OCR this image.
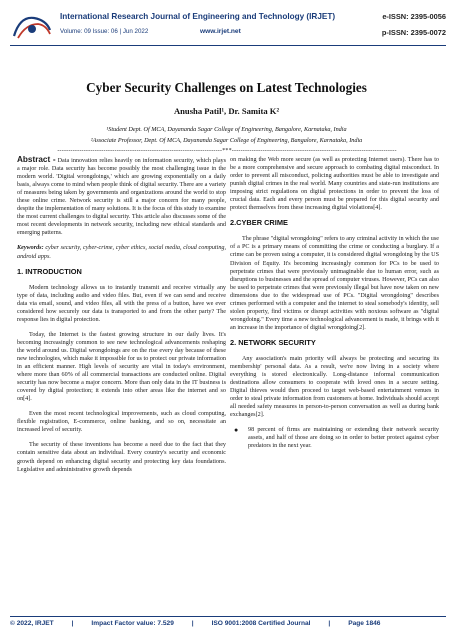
International Research Journal of Engineering and Technology (IRJET)	e-ISSN: 2395-0056
Volume: 09 Issue: 06 | Jun 2022	www.irjet.net	p-ISSN: 2395-0072
Cyber Security Challenges on Latest Technologies
Anusha Patil¹, Dr. Samita K²
¹Student Dept. Of MCA, Dayananda Sagar College of Engineering, Bangalore, Karnataka, India
²Associate Professor, Dept. Of MCA, Dayananda Sagar College of Engineering, Bangalore, Karnataka, India
---------------------------------------------------------------------------***---------------------------------------------------------------------------

Abstract - Data innovation relies heavily on information security, which plays a major role. Data security has become possibly the most challenging issue in the modern world. 'Digital wrongdoings,' which are growing exponentially on a daily basis, always come to mind when people think of digital security. There are a variety of measures being taken by governments and organizations around the world to stop these online crime. Network security is still a major concern for many people, despite the implementation of many solutions. It is the focus of this study to examine the most current challenges to digital security. This article also discusses some of the most recent developments in network security, including new ethical standards and emerging patterns.

Keywords: cyber security, cyber-crime, cyber ethics, social media, cloud computing, android apps.

1. INTRODUCTION

Modern technology allows us to instantly transmit and receive virtually any type of data, including audio and video files. But, even if we can send and receive data via email, sound, and video files, all with the press of a button, have we ever considered how securely our data is transported to and from the other party? The response lies in digital protection.

Today, the Internet is the fastest growing structure in our daily lives. It's becoming increasingly common to see new technological advancements reshaping the world around us. Digital wrongdoings are on the rise every day because of these new technologies, which make it impossible for us to protect our private information in an efficient manner. High levels of security are vital in today's environment, where more than 60% of all commercial transactions are conducted online. Digital security has now become a major concern. More than only data in the IT business is covered by digital protection; it extends into other areas like the internet and so on[4].

Even the most recent technological improvements, such as cloud computing, flexible registration, E-commerce, online banking, and so on, necessitate an increased level of security.

The security of these inventions has become a need due to the fact that they contain sensitive data about an individual. Every country's security and economic growth depend on enhancing digital security and protecting key data foundations. Legislative and administrative growth depends

on making the Web more secure (as well as protecting Internet users). There has to be a more comprehensive and secure approach to combating digital misconduct. In order to prevent all misconduct, policing authorities must be able to investigate and punish digital crimes in the real world. Many countries and state-run institutions are imposing strict regulations on digital protections in order to prevent the loss of crucial data. Each and every person must be prepared for this digital security and protect themselves from these increasing digital violations[4].

2.CYBER CRIME

The phrase "digital wrongdoing" refers to any criminal activity in which the use of a PC is a primary means of committing the crime or conducting a burglary. If a crime can be proven using a computer, it is considered digital wrongdoing by the US Division of Equity. It's becoming increasingly common for PCs to be used to perpetrate crimes that were previously unimaginable due to human error, such as disruptions to businesses and the spread of computer viruses. However, PCs can also be used to perpetrate crimes that were previously illegal but have now taken on new dimensions due to the widespread use of PCs. "Digital wrongdoing" describes crimes performed with a computer and the internet to steal somebody's identity, sell stolen property, find victims or disrupt activities with noxious software as "digital wrongdoing." Every time a new technological advancement is made, it brings with it an increase in the importance of digital wrongdoing[2].

2. NETWORK SECURITY

Any association's main priority will always be protecting and securing its membership' personal data. As a result, we're now living in a society where everything is stored electronically. Long-distance informal communication destinations allow consumers to cooperate with loved ones in a secure setting. Digital thieves would then proceed to target web-based entertainment venues in order to steal private information from customers at home. Individuals should accept all needed safety measures in person-to-person conversation as well as during bank exchanges[2].

● 98 percent of firms are maintaining or extending their network security assets, and half of those are doing so in order to better protect against cyber predators in the next year.
© 2022, IRJET	|	Impact Factor value: 7.529	|	ISO 9001:2008 Certified Journal	|	Page 1846
